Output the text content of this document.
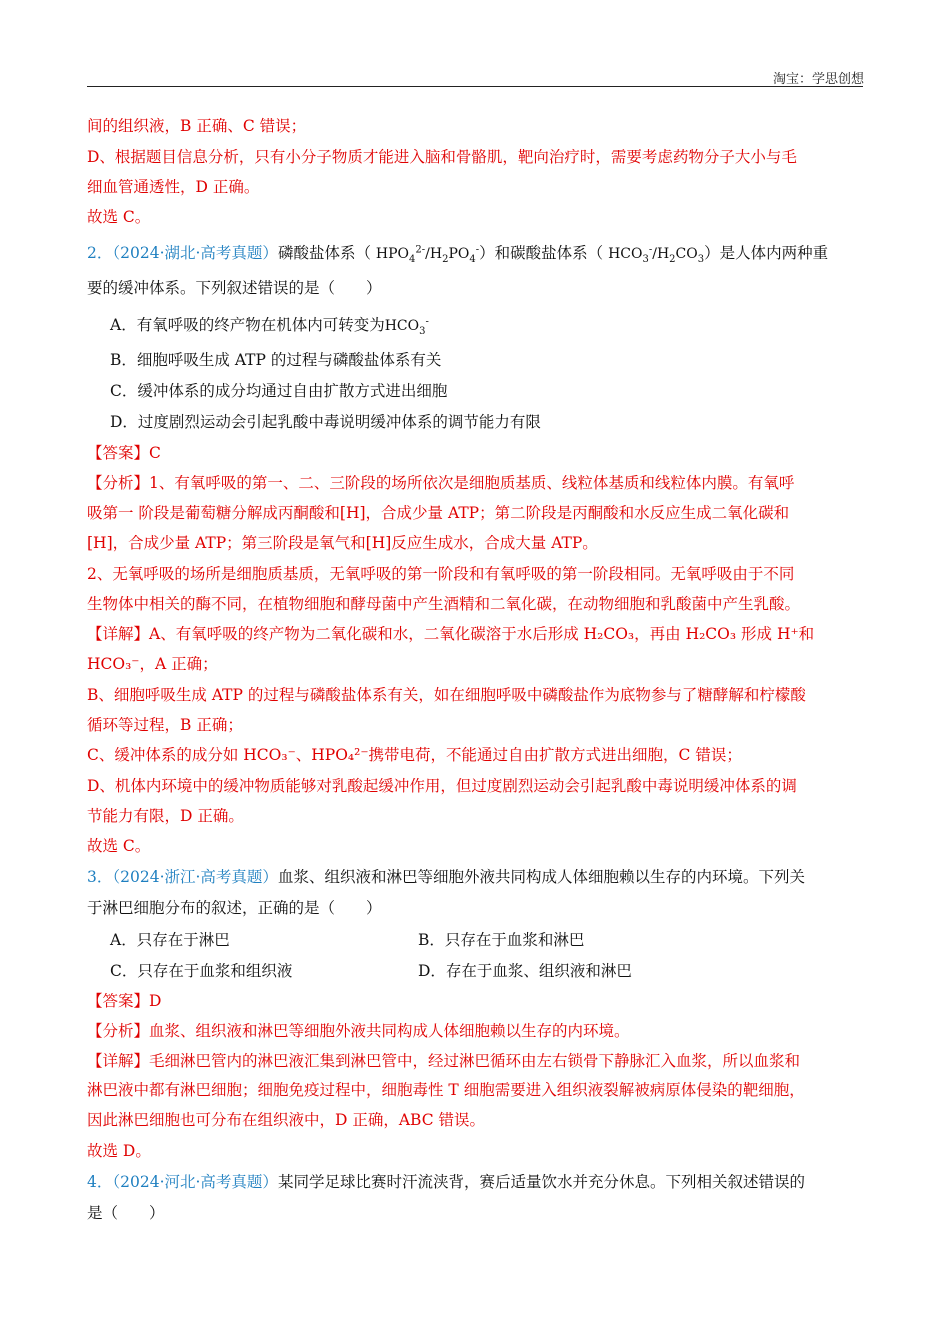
淘宝：学思创想
间的组织液，B 正确、C 错误；
D、根据题目信息分析，只有小分子物质才能进入脑和骨骼肌，靶向治疗时，需要考虑药物分子大小与毛
细血管通透性，D 正确。
故选 C。
2．（2024·湖北·高考真题）磷酸盐体系（ $HPO_4^{2-}/H_2PO_4^-$）和碳酸盐体系（ $HCO_3^-/H_2CO_3$）是人体内两种重
要的缓冲体系。下列叙述错误的是（　　）
A．有氧呼吸的终产物在机体内可转变为$HCO_3^-$
B．细胞呼吸生成 ATP 的过程与磷酸盐体系有关
C．缓冲体系的成分均通过自由扩散方式进出细胞
D．过度剧烈运动会引起乳酸中毒说明缓冲体系的调节能力有限
【答案】C
【分析】1、有氧呼吸的第一、二、三阶段的场所依次是细胞质基质、线粒体基质和线粒体内膜。有氧呼
吸第一 阶段是葡萄糖分解成丙酮酸和[H]，合成少量 ATP；第二阶段是丙酮酸和水反应生成二氧化碳和
[H]，合成少量 ATP；第三阶段是氧气和[H]反应生成水，合成大量 ATP。
2、无氧呼吸的场所是细胞质基质，无氧呼吸的第一阶段和有氧呼吸的第一阶段相同。无氧呼吸由于不同
生物体中相关的酶不同，在植物细胞和酵母菌中产生酒精和二氧化碳，在动物细胞和乳酸菌中产生乳酸。
【详解】A、有氧呼吸的终产物为二氧化碳和水，二氧化碳溶于水后形成 H₂CO₃，再由 H₂CO₃ 形成 H⁺和
HCO₃⁻，A 正确；
B、细胞呼吸生成 ATP 的过程与磷酸盐体系有关，如在细胞呼吸中磷酸盐作为底物参与了糖酵解和柠檬酸
循环等过程，B 正确；
C、缓冲体系的成分如 HCO₃⁻、HPO₄²⁻携带电荷，不能通过自由扩散方式进出细胞，C 错误；
D、机体内环境中的缓冲物质能够对乳酸起缓冲作用，但过度剧烈运动会引起乳酸中毒说明缓冲体系的调
节能力有限，D 正确。
故选 C。
3．（2024·浙江·高考真题）血浆、组织液和淋巴等细胞外液共同构成人体细胞赖以生存的内环境。下列关
于淋巴细胞分布的叙述，正确的是（　　）
A．只存在于淋巴	B．只存在于血浆和淋巴
C．只存在于血浆和组织液	D．存在于血浆、组织液和淋巴
【答案】D
【分析】血浆、组织液和淋巴等细胞外液共同构成人体细胞赖以生存的内环境。
【详解】毛细淋巴管内的淋巴液汇集到淋巴管中，经过淋巴循环由左右锁骨下静脉汇入血浆，所以血浆和
淋巴液中都有淋巴细胞；细胞免疫过程中，细胞毒性 T 细胞需要进入组织液裂解被病原体侵染的靶细胞，
因此淋巴细胞也可分布在组织液中，D 正确，ABC 错误。
故选 D。
4．（2024·河北·高考真题）某同学足球比赛时汗流浃背，赛后适量饮水并充分休息。下列相关叙述错误的
是（　　）
